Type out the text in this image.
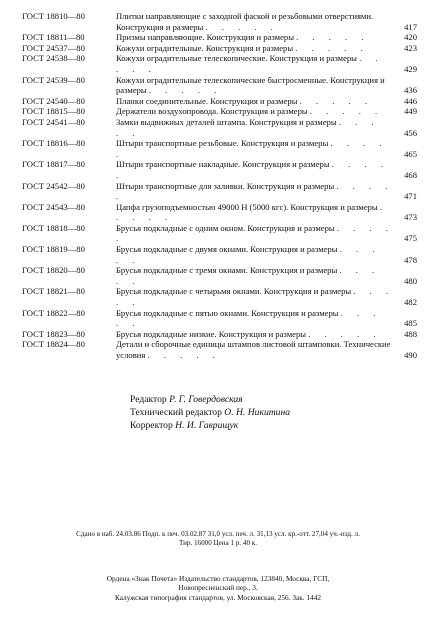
ГОСТ 18810—80	Плитки направляющие с заходной фаской и резьбовыми отверстиями. Конструкция и размеры . . . . .	417
ГОСТ 18811—80	Призмы направляющие. Конструкция и размеры . . . . .	420
ГОСТ 24537—80	Кожухи оградительные. Конструкция и размеры . . . . .	423
ГОСТ 24538—80	Кожухи оградительные телескопические. Конструкция и размеры . . . . .	429
ГОСТ 24539—80	Кожухи оградительные телескопические быстросменные. Конструкция и размеры . . . . .	436
ГОСТ 24540—80	Планки соединительные. Конструкция и размеры . . . . .	446
ГОСТ 18815—80	Держатели воздухопровода. Конструкция и размеры . . . . . 449
ГОСТ 24541—80	Замки выдвижных деталей штампа. Конструкция и размеры . . . . .	456
ГОСТ 18816—80	Штыри транспортные резьбовые. Конструкция и размеры . . . . .	465
ГОСТ 18817—80	Штыри транспортные накладные. Конструкция и размеры . . . . .	468
ГОСТ 24542—80	Штыри транспортные для заливки. Конструкция и размеры . . . . .	471
ГОСТ 24543—80	Цапфа грузоподъемностью 49000 Н (5000 кгс). Конструкция и размеры . . . . .	473
ГОСТ 18818—80	Брусья подкладные с одним окном. Конструкция и размеры . . . . .	475
ГОСТ 18819—80	Брусья подкладные с двумя окнами. Конструкция и размеры . . . . .	478
ГОСТ 18820—80	Брусья подкладные с тремя окнами. Конструкция и размеры . . . . .	480
ГОСТ 18821—80	Брусья подкладные с четырьмя окнами. Конструкция и размеры . . . . .	482
ГОСТ 18822—80	Брусья подкладные с пятью окнами. Конструкция и размеры . . . . .	485
ГОСТ 18823—80	Брусья подкладные низкие. Конструкция и размеры . . . . .	488
ГОСТ 18824—80	Детали и сборочные единицы штампов листовой штамповки. Технические условия . . . . .	490
Редактор Р. Г. Говердовская
Технический редактор О. Н. Никитина
Корректор Н. И. Гаврищук
Сдано в наб. 24.03.86 Подп. к печ. 03.02.87 31,0 усл. печ. л. 31,13 усл. кр.-отт. 27,04 уч.-изд. л.
Тир. 16000 Цена 1 р. 40 к.
Ордена «Знак Почета» Издательство стандартов, 123840, Москва, ГСП,
Новопресненский пер., 3.
Калужская типография стандартов, ул. Московская, 256. Зак. 1442
